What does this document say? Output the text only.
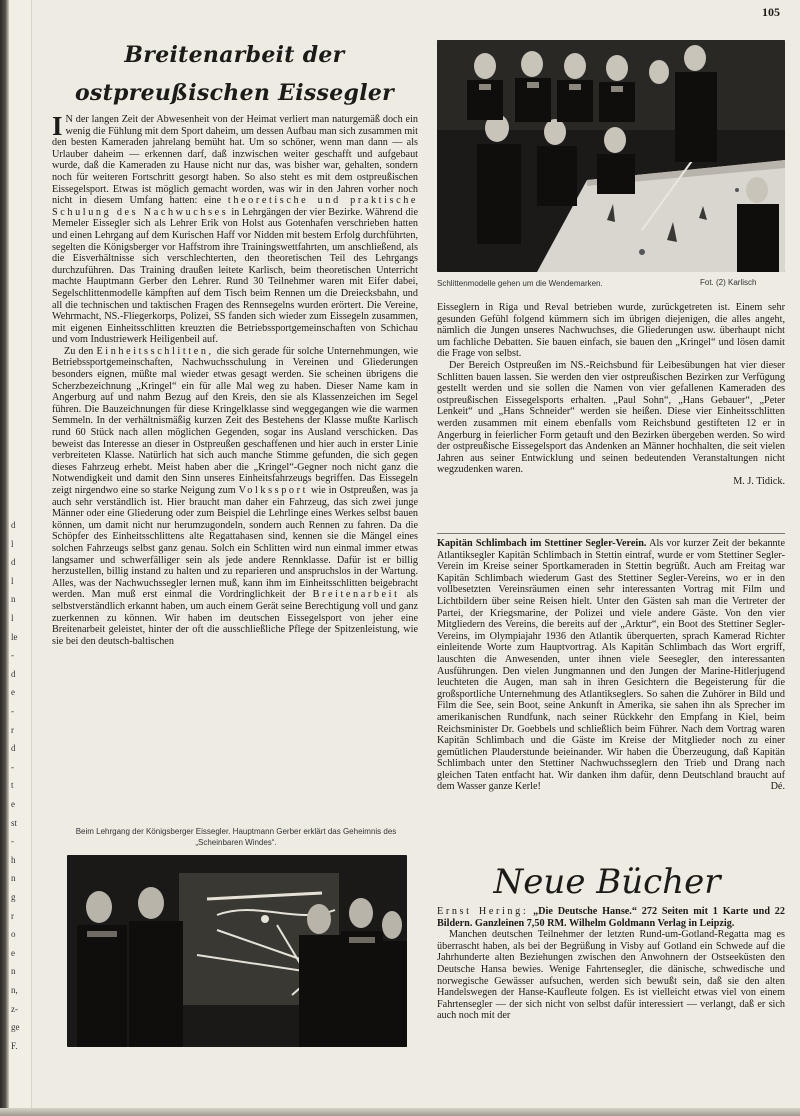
d
l
d
l
n
l
le
-
d
e
-
r
d
-
t
e
st
-
h
n
g
r
o
e
n
n,
z-
ge
F.
105
Breitenarbeit der ostpreußischen Eissegler

I N der langen Zeit der Abwesenheit von der Heimat verliert man naturgemäß doch ein wenig die Fühlung mit dem Sport daheim, um dessen Aufbau man sich zusammen mit den besten Kameraden jahrelang bemüht hat. Um so schöner, wenn man dann — als Urlauber daheim — erkennen darf, daß inzwischen weiter geschafft und aufgebaut wurde, daß die Kameraden zu Hause nicht nur das, was bisher war, gehalten, sondern noch für weiteren Fortschritt gesorgt haben. So also steht es mit dem ostpreußischen Eissegelsport. Etwas ist möglich gemacht worden, was wir in den Jahren vorher noch nicht in diesem Umfang hatten: eine theoretische und praktische Schulung des Nachwuchses in Lehrgängen der vier Bezirke. Während die Memeler Eissegler sich als Lehrer Erik von Holst aus Gotenhafen verschrieben hatten und einen Lehrgang auf dem Kurischen Haff vor Nidden mit bestem Erfolg durchführten, segelten die Königsberger vor Haffstrom ihre Trainingswettfahrten, um anschließend, als die Eisverhältnisse sich verschlechterten, den theoretischen Teil des Lehrgangs durchzuführen. Das Training draußen leitete Karlisch, beim theoretischen Unterricht machte Hauptmann Gerber den Lehrer. Rund 30 Teilnehmer waren mit Eifer dabei, Segelschlittenmodelle kämpften auf dem Tisch beim Rennen um die Dreiecksbahn, und all die technischen und taktischen Fragen des Rennsegelns wurden erörtert. Die Vereine, Wehrmacht, NS.-Fliegerkorps, Polizei, SS fanden sich wieder zum Eissegeln zusammen, mit eigenen Einheitsschlitten kreuzten die Betriebssportgemeinschaften von Schichau und vom Industriewerk Heiligenbeil auf.

Zu den Einheitsschlitten, die sich gerade für solche Unternehmungen, wie Betriebssportgemeinschaften, Nachwuchsschulung in Vereinen und Gliederungen besonders eignen, müßte mal wieder etwas gesagt werden. Sie scheinen übrigens die Scherzbezeichnung „Kringel“ ein für alle Mal weg zu haben. Dieser Name kam in Angerburg auf und nahm Bezug auf den Kreis, den sie als Klassenzeichen im Segel führen. Die Bauzeichnungen für diese Kringelklasse sind weggegangen wie die warmen Semmeln. In der verhältnismäßig kurzen Zeit des Bestehens der Klasse mußte Karlisch rund 60 Stück nach allen möglichen Gegenden, sogar ins Ausland verschicken. Das beweist das Interesse an dieser in Ostpreußen geschaffenen und hier auch in erster Linie verbreiteten Klasse. Natürlich hat sich auch manche Stimme gefunden, die sich gegen dieses Fahrzeug erhebt. Meist haben aber die „Kringel“-Gegner noch nicht ganz die Notwendigkeit und damit den Sinn unseres Einheitsfahrzeugs begriffen. Das Eissegeln zeigt nirgendwo eine so starke Neigung zum Volkssport wie in Ostpreußen, was ja auch sehr verständlich ist. Hier braucht man daher ein Fahrzeug, das sich zwei junge Männer oder eine Gliederung oder zum Beispiel die Lehrlinge eines Werkes selbst bauen können, um damit nicht nur herumzugondeln, sondern auch Rennen zu fahren. Da die Schöpfer des Einheitsschlittens alte Regattahasen sind, kennen sie die Mängel eines solchen Fahrzeugs selbst ganz genau. Solch ein Schlitten wird nun einmal immer etwas langsamer und schwerfälliger sein als jede andere Rennklasse. Dafür ist er billig herzustellen, billig instand zu halten und zu reparieren und anspruchslos in der Wartung. Alles, was der Nachwuchssegler lernen muß, kann ihm im Einheitsschlitten beigebracht werden. Man muß erst einmal die Vordringlichkeit der Breitenarbeit als selbstverständlich erkannt haben, um auch einem Gerät seine Berechtigung voll und ganz zuerkennen zu können. Wir haben im deutschen Eissegelsport von jeher eine Breitenarbeit geleistet, hinter der oft die ausschließliche Pflege der Spitzenleistung, wie sie bei den deutsch-baltischen

Schlittenmodelle gehen um die Wendemarken.	Fot. (2) Karlisch

Eisseglern in Riga und Reval betrieben wurde, zurückgetreten ist. Einem sehr gesunden Gefühl folgend kümmern sich im übrigen diejenigen, die alles angeht, nämlich die Jungen unseres Nachwuchses, die Gliederungen usw. überhaupt nicht um fachliche Debatten. Sie bauen einfach, sie bauen den „Kringel“ und lösen damit die Frage von selbst.

Der Bereich Ostpreußen im NS.-Reichsbund für Leibesübungen hat vier dieser Schlitten bauen lassen. Sie werden den vier ostpreußischen Bezirken zur Verfügung gestellt werden und sie sollen die Namen von vier gefallenen Kameraden des ostpreußischen Eissegelsports erhalten. „Paul Sohn“, „Hans Gebauer“, „Peter Lenkeit“ und „Hans Schneider“ werden sie heißen. Diese vier Einheitsschlitten werden zusammen mit einem ebenfalls vom Reichsbund gestifteten 12 er in Angerburg in feierlicher Form getauft und den Bezirken übergeben werden. So wird der ostpreußische Eissegelsport das Andenken an Männer hochhalten, die seit vielen Jahren aus seiner Entwicklung und seinen bedeutenden Veranstaltungen nicht wegzudenken waren.

M. J. Tidick.

Kapitän Schlimbach im Stettiner Segler-Verein. Als vor kurzer Zeit der bekannte Atlantiksegler Kapitän Schlimbach in Stettin eintraf, wurde er vom Stettiner Segler-Verein im Kreise seiner Sportkameraden in Stettin begrüßt. Auch am Freitag war Kapitän Schlimbach wiederum Gast des Stettiner Segler-Vereins, wo er in den vollbesetzten Vereinsräumen einen sehr interessanten Vortrag mit Film und Lichtbildern über seine Reisen hielt. Unter den Gästen sah man die Vertreter der Partei, der Kriegsmarine, der Polizei und viele andere Gäste. Von den vier Mitgliedern des Vereins, die bereits auf der „Arktur“, ein Boot des Stettiner Segler-Vereins, im Olympiajahr 1936 den Atlantik überquerten, sprach Kamerad Richter einleitende Worte zum Hauptvortrag. Als Kapitän Schlimbach das Wort ergriff, lauschten die Anwesenden, unter ihnen viele Seesegler, den interessanten Ausführungen. Den vielen Jungmannen und den Jungen der Marine-Hitlerjugend leuchteten die Augen, man sah in ihren Gesichtern die Begeisterung für die großsportliche Unternehmung des Atlantikseglers. So sahen die Zuhörer in Bild und Film die See, sein Boot, seine Ankunft in Amerika, sie sahen ihn als Sprecher im amerikanischen Rundfunk, nach seiner Rückkehr den Empfang in Kiel, beim Reichsminister Dr. Goebbels und schließlich beim Führer. Nach dem Vortrag waren Kapitän Schlimbach und die Gäste im Kreise der Mitglieder noch zu einer gemütlichen Plauderstunde beieinander. Wir haben die Überzeugung, daß Kapitän Schlimbach unter den Stettiner Nachwuchsseglern den Trieb und Drang nach gleichen Taten entfacht hat. Wir danken ihm dafür, denn Deutschland braucht auf dem Wasser ganze Kerle!	Dé.

Beim Lehrgang der Königsberger Eissegler. Hauptmann Gerber erklärt das Geheimnis des „Scheinbaren Windes“.
Neue Bücher

Ernst Hering: „Die Deutsche Hanse.“ 272 Seiten mit 1 Karte und 22 Bildern. Ganzleinen 7,50 RM. Wilhelm Goldmann Verlag in Leipzig.

Manchen deutschen Teilnehmer der letzten Rund-um-Gotland-Regatta mag es überrascht haben, als bei der Begrüßung in Visby auf Gotland ein Schwede auf die Jahrhunderte alten Beziehungen zwischen den Anwohnern der Ostseeküsten den Deutsche Hansa bewies. Wenige Fahrtensegler, die dänische, schwedische und norwegische Gewässer aufsuchen, werden sich bewußt sein, daß sie den alten Handelswegen der Hanse-Kaufleute folgen. Es ist vielleicht etwas viel von einem Fahrtensegler — der sich nicht von selbst dafür interessiert — verlangt, daß er sich auch noch mit der
